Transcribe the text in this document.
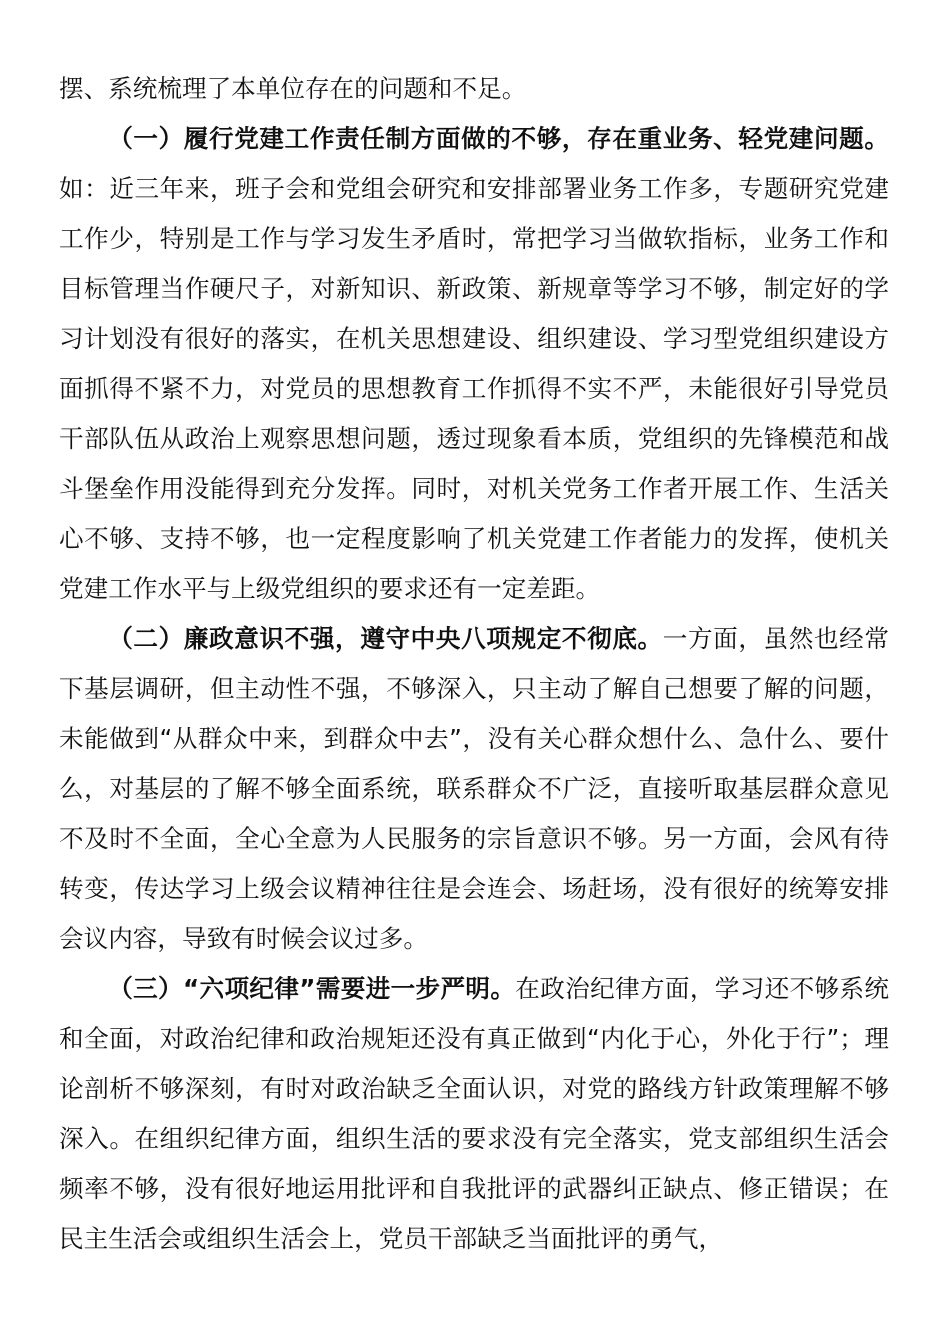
摆、系统梳理了本单位存在的问题和不足。

（一）履行党建工作责任制方面做的不够，存在重业务、轻党建问题。如：近三年来，班子会和党组会研究和安排部署业务工作多，专题研究党建工作少，特别是工作与学习发生矛盾时，常把学习当做软指标，业务工作和目标管理当作硬尺子，对新知识、新政策、新规章等学习不够，制定好的学习计划没有很好的落实，在机关思想建设、组织建设、学习型党组织建设方面抓得不紧不力，对党员的思想教育工作抓得不实不严，未能很好引导党员干部队伍从政治上观察思想问题，透过现象看本质，党组织的先锋模范和战斗堡垒作用没能得到充分发挥。同时，对机关党务工作者开展工作、生活关心不够、支持不够，也一定程度影响了机关党建工作者能力的发挥，使机关党建工作水平与上级党组织的要求还有一定差距。

（二）廉政意识不强，遵守中央八项规定不彻底。一方面，虽然也经常下基层调研，但主动性不强，不够深入，只主动了解自己想要了解的问题，未能做到“从群众中来，到群众中去”，没有关心群众想什么、急什么、要什么，对基层的了解不够全面系统，联系群众不广泛，直接听取基层群众意见不及时不全面，全心全意为人民服务的宗旨意识不够。另一方面，会风有待转变，传达学习上级会议精神往往是会连会、场赶场，没有很好的统筹安排会议内容，导致有时候会议过多。

（三）“六项纪律”需要进一步严明。在政治纪律方面，学习还不够系统和全面，对政治纪律和政治规矩还没有真正做到“内化于心，外化于行”；理论剖析不够深刻，有时对政治缺乏全面认识，对党的路线方针政策理解不够深入。在组织纪律方面，组织生活的要求没有完全落实，党支部组织生活会频率不够，没有很好地运用批评和自我批评的武器纠正缺点、修正错误；在民主生活会或组织生活会上，党员干部缺乏当面批评的勇气，
